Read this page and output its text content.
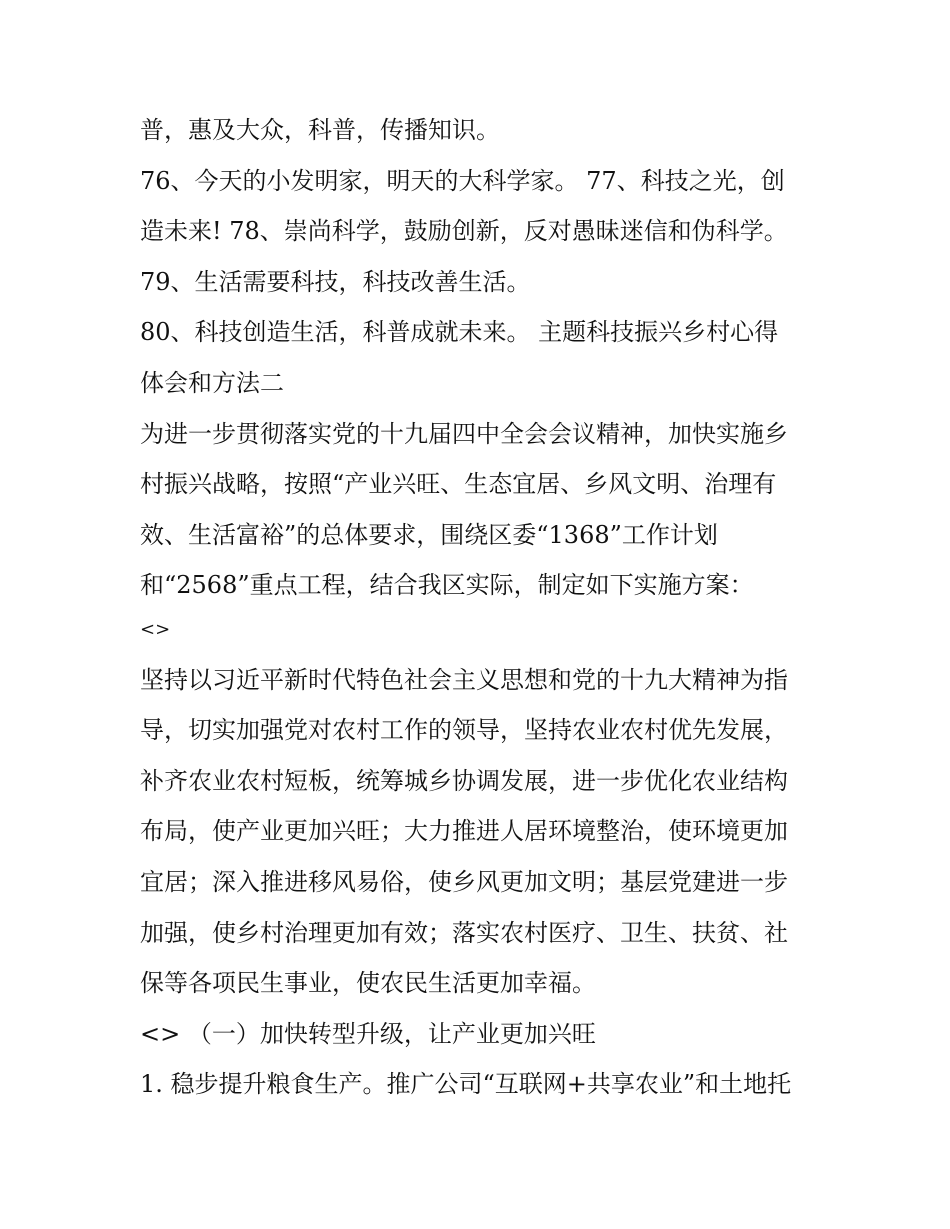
普，惠及大众，科普，传播知识。
76、今天的小发明家，明天的大科学家。 77、科技之光，创
造未来! 78、崇尚科学，鼓励创新，反对愚昧迷信和伪科学。
79、生活需要科技，科技改善生活。
80、科技创造生活，科普成就未来。 主题科技振兴乡村心得
体会和方法二
为进一步贯彻落实党的十九届四中全会会议精神，加快实施乡
村振兴战略，按照“产业兴旺、生态宜居、乡风文明、治理有
效、生活富裕”的总体要求，围绕区委“1368”工作计划
和“2568”重点工程，结合我区实际，制定如下实施方案：
<>
坚持以习近平新时代特色社会主义思想和党的十九大精神为指
导，切实加强党对农村工作的领导，坚持农业农村优先发展，
补齐农业农村短板，统筹城乡协调发展，进一步优化农业结构
布局，使产业更加兴旺；大力推进人居环境整治，使环境更加
宜居；深入推进移风易俗，使乡风更加文明；基层党建进一步
加强，使乡村治理更加有效；落实农村医疗、卫生、扶贫、社
保等各项民生事业，使农民生活更加幸福。
<> （一）加快转型升级，让产业更加兴旺
1. 稳步提升粮食生产。推广公司“互联网+共享农业”和土地托
